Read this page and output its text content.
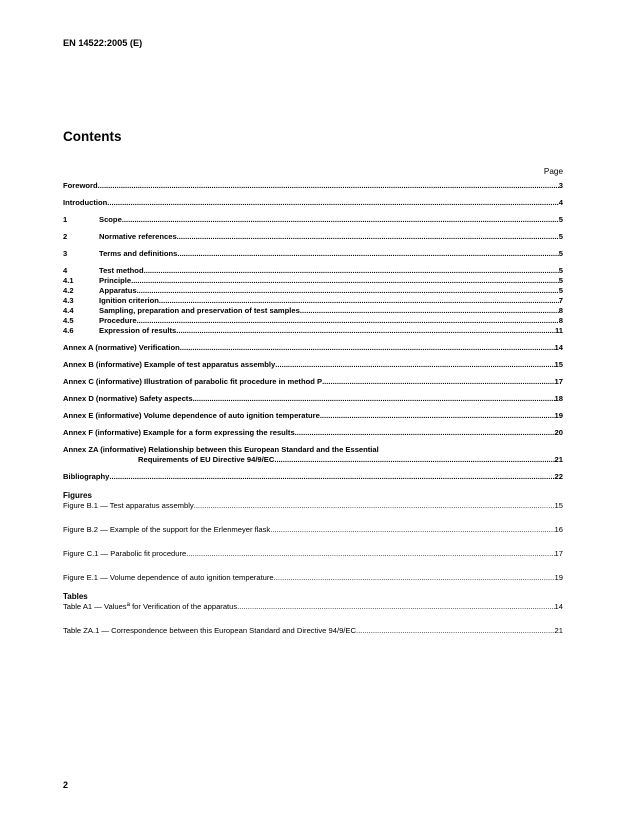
EN 14522:2005 (E)
Contents
Page
Foreword .....	3
Introduction .....	4
1	Scope .....	5
2	Normative references .....	5
3	Terms and definitions .....	5
4	Test method .....	5
4.1	Principle .....	5
4.2	Apparatus .....	5
4.3	Ignition criterion .....	7
4.4	Sampling, preparation and preservation of test samples .....	8
4.5	Procedure .....	8
4.6	Expression of results .....	11
Annex A (normative) Verification .....	14
Annex B (informative) Example of test apparatus assembly .....	15
Annex C (informative) Illustration of parabolic fit procedure in method P .....	17
Annex D (normative) Safety aspects .....	18
Annex E (informative) Volume dependence of auto ignition temperature .....	19
Annex F (informative) Example for a form expressing the results .....	20
Annex ZA (informative) Relationship between this European Standard and the Essential
Requirements of EU Directive 94/9/EC .....	21
Bibliography .....	22
Figures
Figure B.1 — Test apparatus assembly .....	15
Figure B.2 — Example of the support for the Erlenmeyer flask .....	16
Figure C.1 — Parabolic fit procedure .....	17
Figure E.1 — Volume dependence of auto ignition temperature .....	19
Tables
Table A1 — Values$^a$ for Verification of the apparatus .....	14
Table ZA.1 — Correspondence between this European Standard and Directive 94/9/EC .....	21
2
